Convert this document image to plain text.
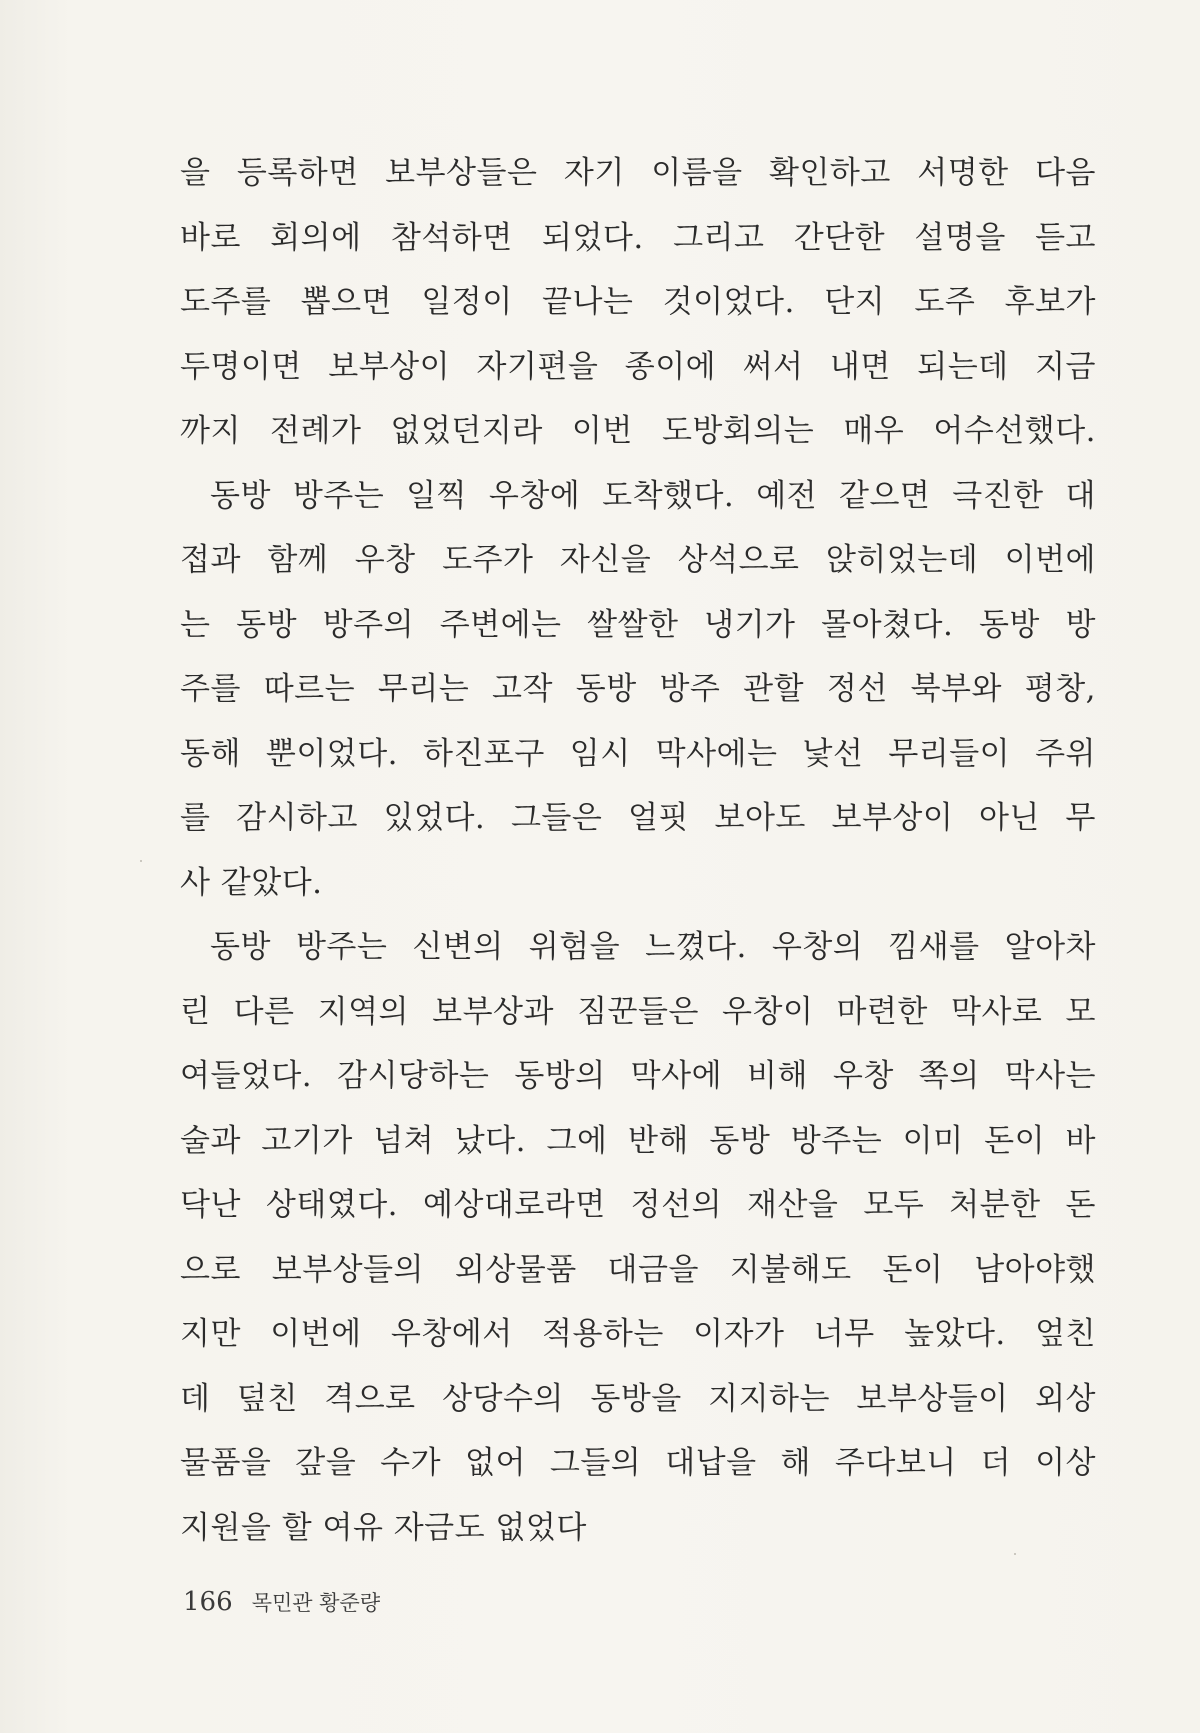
을 등록하면 보부상들은 자기 이름을 확인하고 서명한 다음
바로 회의에 참석하면 되었다. 그리고 간단한 설명을 듣고
도주를 뽑으면 일정이 끝나는 것이었다. 단지 도주 후보가
두명이면 보부상이 자기편을 종이에 써서 내면 되는데 지금
까지 전례가 없었던지라 이번 도방회의는 매우 어수선했다.
동방 방주는 일찍 우창에 도착했다. 예전 같으면 극진한 대
접과 함께 우창 도주가 자신을 상석으로 앉히었는데 이번에
는 동방 방주의 주변에는 쌀쌀한 냉기가 몰아쳤다. 동방 방
주를 따르는 무리는 고작 동방 방주 관할 정선 북부와 평창,
동해 뿐이었다. 하진포구 임시 막사에는 낯선 무리들이 주위
를 감시하고 있었다. 그들은 얼핏 보아도 보부상이 아닌 무
사 같았다.
동방 방주는 신변의 위험을 느꼈다. 우창의 낌새를 알아차
린 다른 지역의 보부상과 짐꾼들은 우창이 마련한 막사로 모
여들었다. 감시당하는 동방의 막사에 비해 우창 쪽의 막사는
술과 고기가 넘쳐 났다. 그에 반해 동방 방주는 이미 돈이 바
닥난 상태였다. 예상대로라면 정선의 재산을 모두 처분한 돈
으로 보부상들의 외상물품 대금을 지불해도 돈이 남아야했
지만 이번에 우창에서 적용하는 이자가 너무 높았다. 엎친
데 덮친 격으로 상당수의 동방을 지지하는 보부상들이 외상
물품을 갚을 수가 없어 그들의 대납을 해 주다보니 더 이상
지원을 할 여유 자금도 없었다
166 목민관 황준량
